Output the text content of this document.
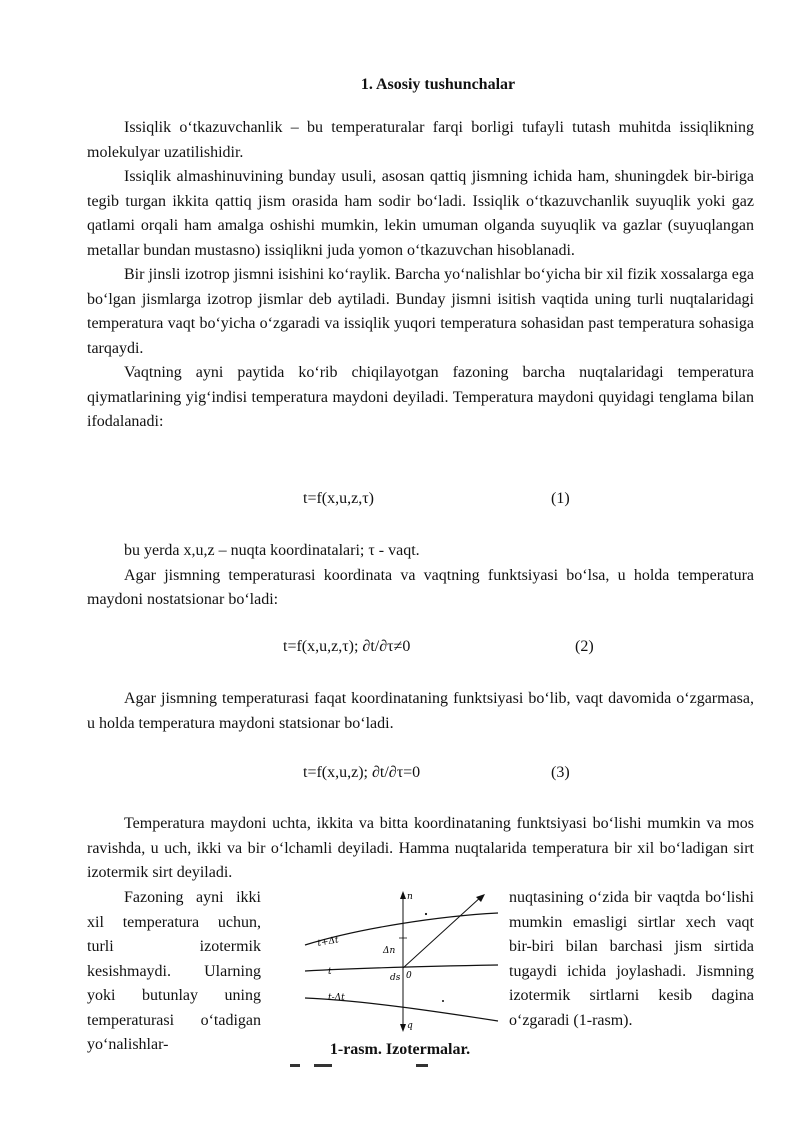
1. Asosiy tushunchalar

Issiqlik o‘tkazuvchanlik – bu temperaturalar farqi borligi tufayli tutash muhitda issiqlikning molekulyar uzatilishidir.

Issiqlik almashinuvining bunday usuli, asosan qattiq jismning ichida ham, shuningdek bir-biriga tegib turgan ikkita qattiq jism orasida ham sodir bo‘ladi. Issiqlik o‘tkazuvchanlik suyuqlik yoki gaz qatlami orqali ham amalga oshishi mumkin, lekin umuman olganda suyuqlik va gazlar (suyuqlangan metallar bundan mustasno) issiqlikni juda yomon o‘tkazuvchan hisoblanadi.

Bir jinsli izotrop jismni isishini ko‘raylik. Barcha yo‘nalishlar bo‘yicha bir xil fizik xossalarga ega bo‘lgan jismlarga izotrop jismlar deb aytiladi. Bunday jismni isitish vaqtida uning turli nuqtalaridagi temperatura vaqt bo‘yicha o‘zgaradi va issiqlik yuqori temperatura sohasidan past temperatura sohasiga tarqaydi.

Vaqtning ayni paytida ko‘rib chiqilayotgan fazoning barcha nuqtalaridagi temperatura qiymatlarining yig‘indisi temperatura maydoni deyiladi. Temperatura maydoni quyidagi tenglama bilan ifodalanadi:

t=f(x,u,z,τ)	(1)

bu yerda x,u,z – nuqta koordinatalari; τ - vaqt.

Agar jismning temperaturasi koordinata va vaqtning funktsiyasi bo‘lsa, u holda temperatura maydoni nostatsionar bo‘ladi:

t=f(x,u,z,τ); ∂t/∂τ≠0	(2)

Agar jismning temperaturasi faqat koordinataning funktsiyasi bo‘lib, vaqt davomida o‘zgarmasa, u holda temperatura maydoni statsionar bo‘ladi.

t=f(x,u,z); ∂t/∂τ=0	(3)

Temperatura maydoni uchta, ikkita va bitta koordinataning funktsiyasi bo‘lishi mumkin va mos ravishda, u uch, ikki va bir o‘lchamli deyiladi. Hamma nuqtalarida temperatura bir xil bo‘ladigan sirt izotermik sirt deyiladi.

Fazoning ayni ikki xil temperatura uchun, turli izotermik kesishmaydi. Ularning yoki butunlay uning temperaturasi o‘tadigan yo‘nalishlar-
n
Δn
ds 0
q
t+Δt
t
t-Δt
1-rasm. Izotermalar.
nuqtasining o‘zida bir vaqtda bo‘lishi mumkin emasligi sirtlar xech vaqt bir-biri bilan barchasi jism sirtida tugaydi ichida joylashadi. Jismning izotermik sirtlarni kesib dagina o‘zgaradi (1-rasm).
